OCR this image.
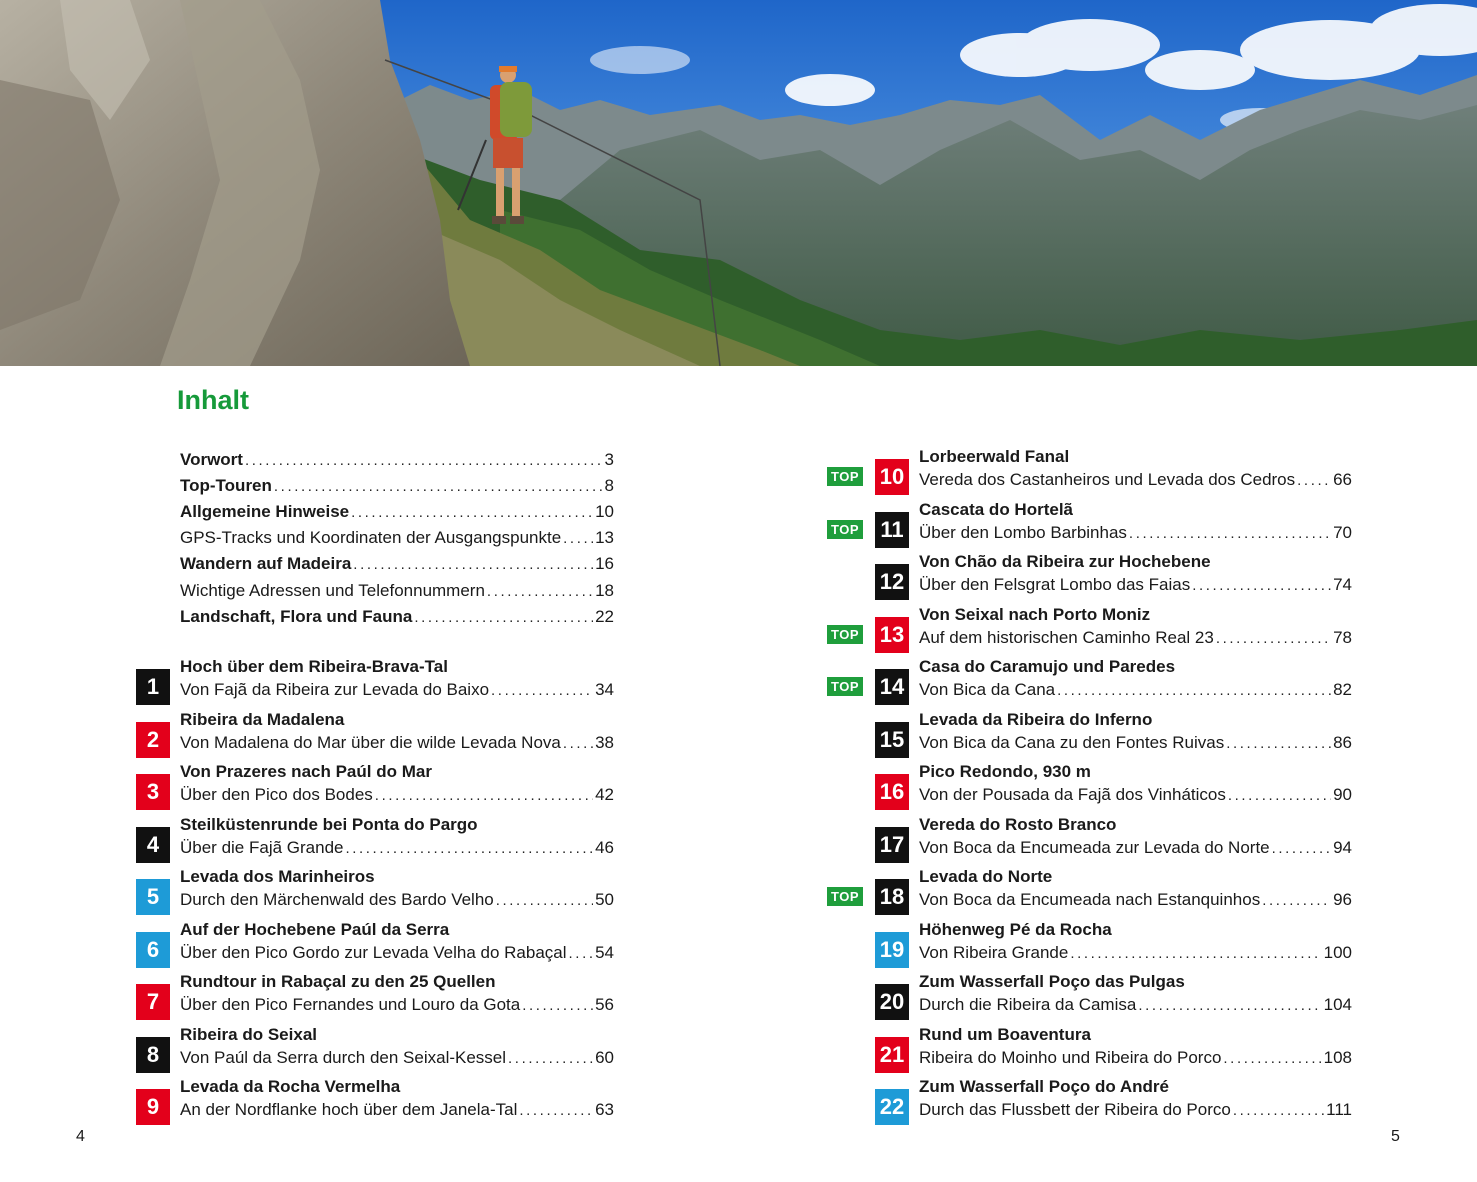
Inhalt
Vorwort .....	3
Top-Touren .....	8
Allgemeine Hinweise .....	10
GPS-Tracks und Koordinaten der Ausgangspunkte ..... 13
Wandern auf Madeira .....	16
Wichtige Adressen und Telefonnummern .....	18
Landschaft, Flora und Fauna .....	22
1
Hoch über dem Ribeira-Brava-Tal
Von Fajã da Ribeira zur Levada do Baixo .....	34
2
Ribeira da Madalena
Von Madalena do Mar über die wilde Levada Nova ..... 38
3
Von Prazeres nach Paúl do Mar
Über den Pico dos Bodes .....	42
4
Steilküstenrunde bei Ponta do Pargo
Über die Fajã Grande .....	46
5
Levada dos Marinheiros
Durch den Märchenwald des Bardo Velho .....	50
6
Auf der Hochebene Paúl da Serra
Über den Pico Gordo zur Levada Velha do Rabaçal ..... 54
7
Rundtour in Rabaçal zu den 25 Quellen
Über den Pico Fernandes und Louro da Gota .....	56
8
Ribeira do Seixal
Von Paúl da Serra durch den Seixal-Kessel .....	60
9
Levada da Rocha Vermelha
An der Nordflanke hoch über dem Janela-Tal .....	63
TOP 10
Lorbeerwald Fanal
Vereda dos Castanheiros und Levada dos Cedros ..... 66
TOP 11
Cascata do Hortelã
Über den Lombo Barbinhas .....	70
12
Von Chão da Ribeira zur Hochebene
Über den Felsgrat Lombo das Faias .....	74
TOP 13
Von Seixal nach Porto Moniz
Auf dem historischen Caminho Real 23 .....	78
TOP 14
Casa do Caramujo und Paredes
Von Bica da Cana .....	82
15
Levada da Ribeira do Inferno
Von Bica da Cana zu den Fontes Ruivas .....	86
16
Pico Redondo, 930 m
Von der Pousada da Fajã dos Vinháticos .....	90
17
Vereda do Rosto Branco
Von Boca da Encumeada zur Levada do Norte .....	94
TOP 18
Levada do Norte
Von Boca da Encumeada nach Estanquinhos .....	96
19
Höhenweg Pé da Rocha
Von Ribeira Grande .....	100
20
Zum Wasserfall Poço das Pulgas
Durch die Ribeira da Camisa .....	104
21
Rund um Boaventura
Ribeira do Moinho und Ribeira do Porco .....	108
22
Zum Wasserfall Poço do André
Durch das Flussbett der Ribeira do Porco .....	111
4	5
